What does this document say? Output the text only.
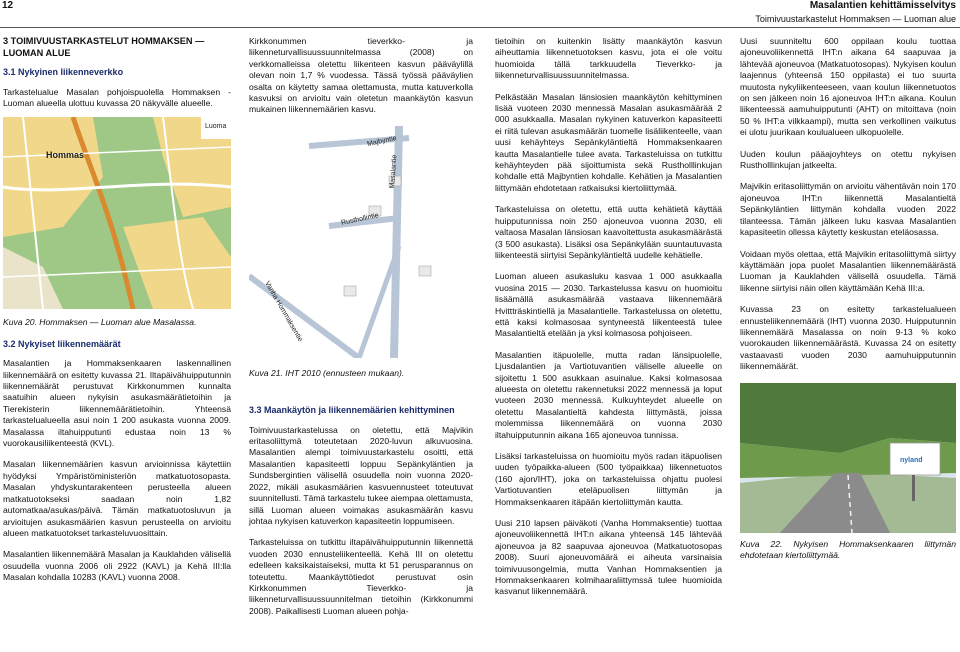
12	Masalantien kehittämisselvitys
Toimivuustarkastelut Hommaksen — Luoman alue
3 TOIMIVUUSTARKASTELUT HOMMAKSEN — LUOMAN ALUE
3.1 Nykyinen liikenneverkko

Tarkastelualue Masalan pohjoispuolella Hommaksen - Luoman alueella ulottuu kuvassa 20 näkyvälle alueelle.

Hommas
Luoma

Kuva 20. Hommaksen — Luoman alue Masalassa.

3.2 Nykyiset liikennemäärät

Masalantien ja Hommaksenkaaren laskennallinen liikennemäärä on esitetty kuvassa 21. Iltapäivähuipputunnin liikennemäärät perustuvat Kirkkonummen kunnalta saatuihin alueen nykyisin asukasmäärätietoihin ja Tierekisterin liikennemäärätietoihin. Yhteensä tarkastelualueella asui noin 1 200 asukasta vuonna 2009. Masalassa iltahuipputunti edustaa noin 13 % vuorokausiliikenteestä (KVL).

Masalan liikennemäärien kasvun arvioinnissa käytettiin hyödyksi Ympäristöministeriön matkatuotosopasta. Masalan yhdyskuntarakenteen perusteella alueen matkatuotokseksi saadaan noin 1,82 automatkaa/asukas/päivä. Tämän matkatuotosluvun ja arvioitujen asukasmäärien kasvun perusteella on arvioitu alueen matkatuotokset tarkasteluvuosittain.

Masalantien liikennemäärä Masalan ja Kauklahden välisellä osuudella vuonna 2006 oli 2922 (KAVL) ja Kehä III:lla Masalan kohdalla 10283 (KAVL) vuonna 2008.

Kirkkonummen tieverkko- ja liikenneturvallisuussuunnitelmassa (2008) on verkkomalleissa oletettu liikenteen kasvun pääväylillä olevan noin 1,7 % vuodessa. Tässä työssä pääväylien osalta on käytetty samaa olettamusta, mutta katuverkolla kasvuksi on arvioitu vain oletetun maankäytön kasvun mukainen liikennemäärien kasvu.

Majbyntie
Rusthollintie
Vanha Hommaksentie
Masalantie

Kuva 21. IHT 2010 (ennusteen mukaan).

3.3 Maankäytön ja liikennemäärien kehittyminen

Toimivuustarkastelussa on oletettu, että Majvikin eritasoliittymä toteutetaan 2020-luvun alkuvuosina. Masalantien alempi toimivuustarkastelu osoitti, että Masalantien kapasiteetti loppuu Sepänkyläntien ja Sundsbergintien välisellä osuudella noin vuonna 2020-2022, mikäli asukasmäärien kasvuennusteet toteutuvat suunnitellusti. Tämä tarkastelu tukee aiempaa olettamusta, sillä Luoman alueen voimakas asukasmäärän kasvu johtaa nykyisen katuverkon kapasiteetin loppumiseen.

Tarkasteluissa on tutkittu iltapäivähuipputunnin liikennettä vuoden 2030 ennusteliikenteellä. Kehä III on oletettu edelleen kaksikaistaiseksi, mutta kt 51 perusparannus on toteutettu. Maankäyttötiedot perustuvat osin Kirkkonummen Tieverkko- ja liikenneturvallisuussuunnitelman tietoihin (Kirkkonummi 2008). Paikallisesti Luoman alueen pohja-

tietoihin on kuitenkin lisätty maankäytön kasvun aiheuttamia liikennetuotoksen kasvu, jota ei ole voitu huomioida tällä tarkkuudella Tieverkko- ja liikenneturvallisuussuunnitelmassa.

Pelkästään Masalan länsiosien maankäytön kehittyminen lisää vuoteen 2030 mennessä Masalan asukasmäärää 2 000 asukkaalla. Masalan nykyinen katuverkon kapasiteetti ei riitä tulevan asukasmäärän tuomelle lisäliikenteelle, vaan uusi kehäyhteys Sepänkyläntieltä Hommaksenkaaren kautta Masalantielle tulee avata. Tarkasteluissa on tutkittu kehäyhteyden pää sijoittumista sekä Rustholllinkujan kohdalle että Majbyntien kohdalle. Kehätien ja Masalantien liittymään ehdotetaan ratkaisuksi kiertoliittymää.

Tarkasteluissa on oletettu, että uutta kehätietä käyttää huipputunnissa noin 250 ajoneuvoa vuonna 2030, eli valtaosa Masalan länsiosan kaavoitettusta asukasmäärästä (3 500 asukasta). Lisäksi osa Sepänkylään suuntautuvasta liikenteestä siirtyisi Sepänkyläntieltä uudelle kehätielle.

Luoman alueen asukasluku kasvaa 1 000 asukkaalla vuosina 2015 — 2030. Tarkastelussa kasvu on huomioitu lisäämällä asukasmäärää vastaava liikennemäärä Hvittträskintiellä ja Masalantielle. Tarkastelussa on oletettu, että kaksi kolmasosaa syntyneestä liikenteestä tulee Masalantieltä etelään ja yksi kolmasosa pohjoiseen.

Masalantien itäpuolelle, mutta radan länsipuolelle, Ljusdalantien ja Vartiotuvantien väliselle alueelle on sijoitettu 1 500 asukkaan asuinalue. Kaksi kolmasosaa alueesta on oletettu rakennetuksi 2022 mennessä ja loput vuoteen 2030 mennessä. Kulkuyhteydet alueelle on oletettu Masalantieltä kahdesta liittymästä, joissa molemmissa liikennemäärä on vuonna 2030 iltahuipputunnin aikana 165 ajoneuvoa tunnissa.

Lisäksi tarkasteluissa on huomioitu myös radan itäpuolisen uuden työpaikka-alueen (500 työpaikkaa) liikennetuotos (160 ajon/IHT), joka on tarkasteluissa ohjattu puolesi Vartiotuvantien eteläpuolisen liittymän ja Hommaksenkaaren itäpään kiertoliittymän kautta.

Uusi 210 lapsen päiväkoti (Vanha Hommaksentie) tuottaa ajoneuvoliikennettä IHT:n aikana yhteensä 145 lähtevää ajoneuvoa ja 82 saapuvaa ajoneuvoa (Matkatuotosopas 2008). Suuri ajoneuvomäärä ei aiheuta varsinaisia toimivuusongelmia, mutta Vanhan Hommaksentien ja Hommaksenkaaren kolmihaaraliittymssä tulee huomioida kasvanut liikennemäärä.

Uusi suunniteltu 600 oppilaan koulu tuottaa ajoneuvoliikennettä IHT:n aikana 64 saapuvaa ja lähtevää ajoneuvoa (Matkatuotosopas). Nykyisen koulun laajennus (yhteensä 150 oppilasta) ei tuo suurta muutosta nykyliikenteeseen, vaan koulun liikennetuotos on sen jälkeen noin 16 ajoneuvoa IHT:n aikana. Koulun liikenteessä aamuhuipputunti (AHT) on mitoittava (noin 50 % IHT:a vilkkaampi), mutta sen verkollinen vaikutus ei ulotu juurikaan koulualueen ulkopuolelle.

Uuden koulun pääajoyhteys on otettu nykyisen Rustholllinkujan jatkeelta.

Majvikin eritasoliittymän on arvioitu vähentävän noin 170 ajoneuvoa IHT:n liikennettä Masalantieltä Sepänkyläntien liittymän kohdalla vuoden 2022 tilanteessa. Tämän jälkeen luku kasvaa Masalantien kapasiteetin ollessa käytetty keskustan eteläosassa.

Voidaan myös olettaa, että Majvikin eritasoliittymä siirtyy käyttämään jopa puolet Masalantien liikennemäärästä Luoman ja Kauklahden välisellä osuudella. Tämä liikenne siirtyisi näin ollen käyttämään Kehä III:a.

Kuvassa 23 on esitetty tarkastelualueen ennusteliikennemäärä (IHT) vuonna 2030. Huipputunnin liikennemäärä Masalassa on noin 9-13 % koko vuorokauden liikennemäärästä. Kuvassa 24 on esitetty vastaavasti vuoden 2030 aamuhuipputunnin liikennemäärät.

nyland

Kuva 22. Nykyisen Hommaksenkaaren liittymän ehdotetaan kiertoliittymää.
